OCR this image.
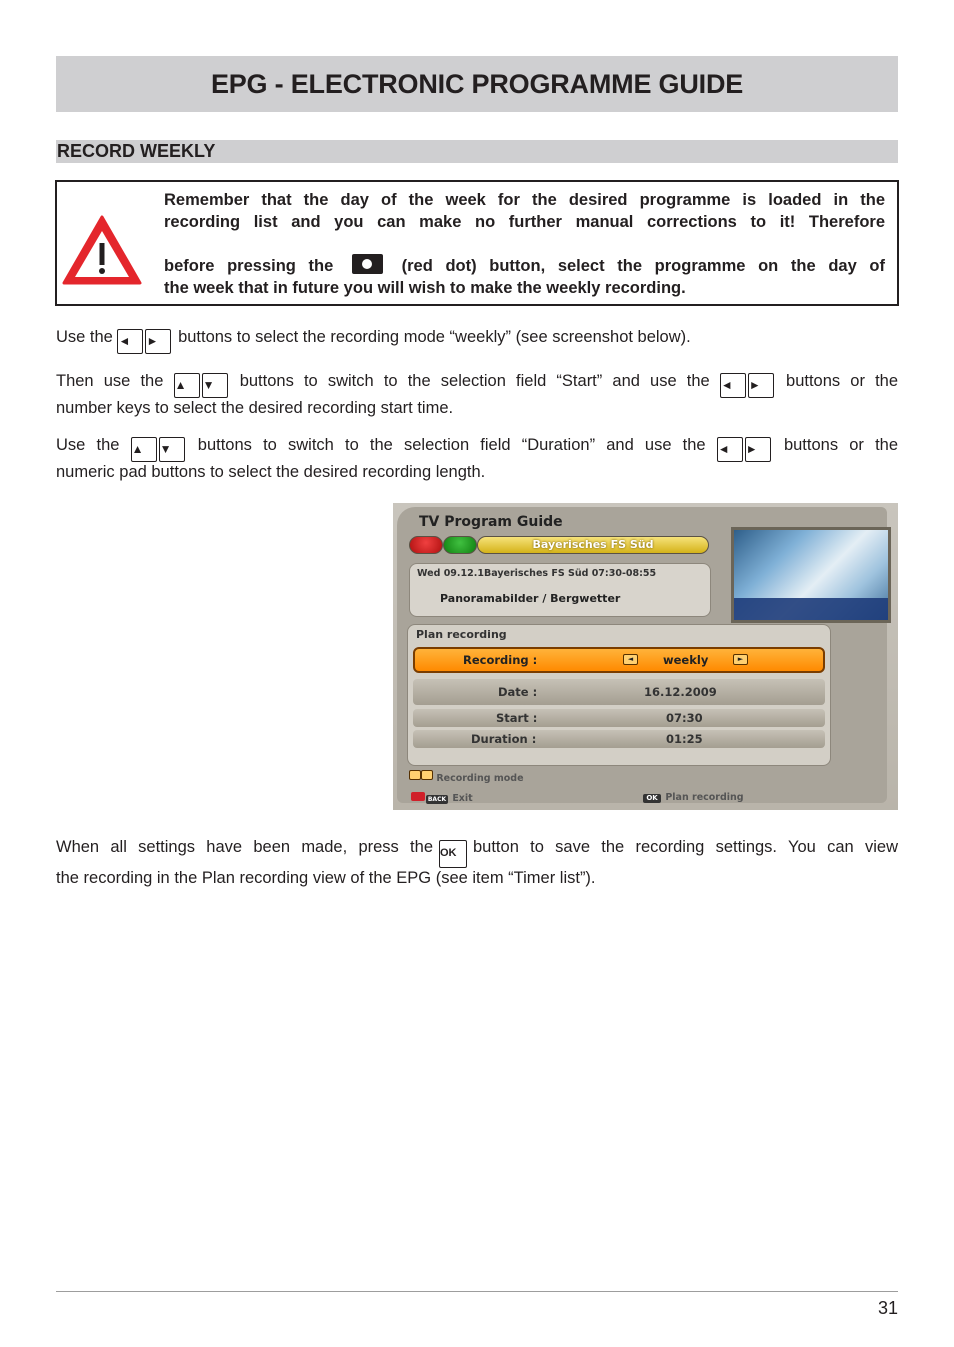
EPG - ELECTRONIC PROGRAMME GUIDE
RECORD WEEKLY

Remember that the day of the week for the desired programme is loaded in the

recording list and you can make no further manual corrections to it! Therefore

before pressing the	(red dot) button, select the programme on the day of

the week that in future you will wish to make the weekly recording.

Use the ◄ ► buttons to select the recording mode “weekly” (see screenshot below).

Then use the ▲ ▼ buttons to switch to the selection field “Start” and use the ◄ ► buttons or the

number keys to select the desired recording start time.

Use the ▲ ▼ buttons to switch to the selection field “Duration” and use the ◄ ► buttons or the

numeric pad buttons to select the desired recording length.

TV Program Guide
Bayerisches FS Süd
Wed 09.12.1Bayerisches FS Süd 07:30-08:55
Panoramabilder / Bergwetter
Plan recording
Recording :	◄	weekly	►
Date :	16.12.2009
Start :	07:30
Duration :	01:25
Recording mode
BACK Exit	OK Plan recording

When all settings have been made, press the OK button to save the recording settings. You can view

the recording in the Plan recording view of the EPG (see item “Timer list”).

31
